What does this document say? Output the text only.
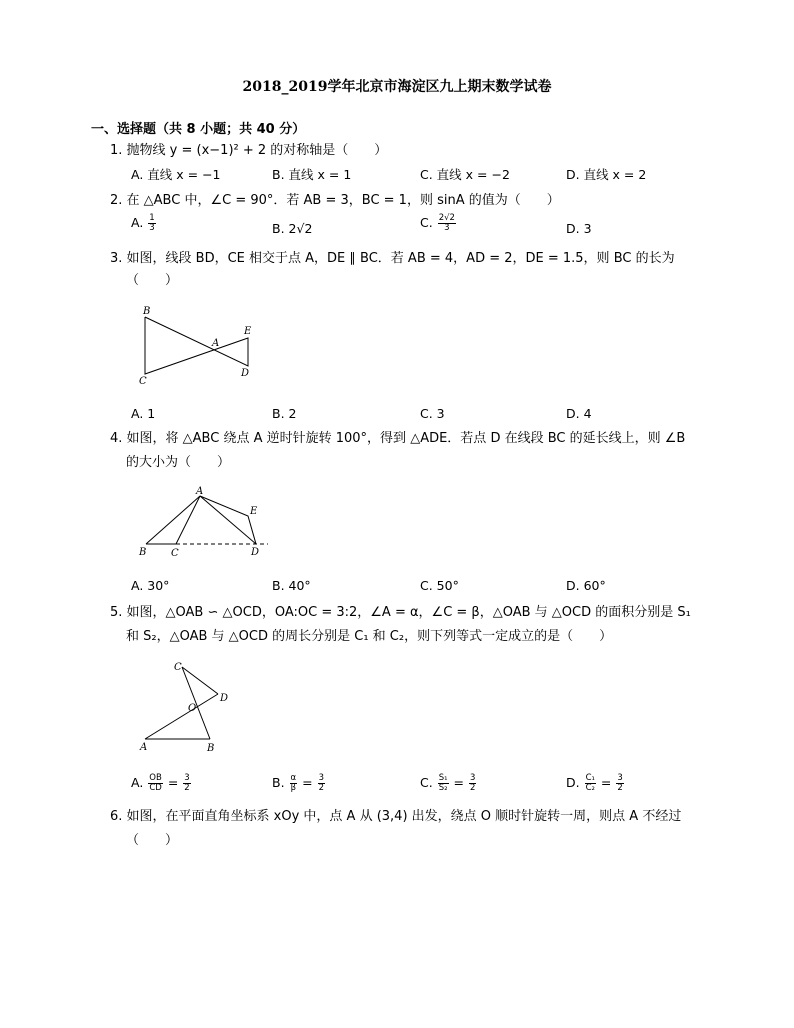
2018_2019学年北京市海淀区九上期末数学试卷
一、选择题（共 8 小题；共 40 分）
1. 抛物线 y = (x−1)² + 2 的对称轴是（　　）
A. 直线 x = −1	B. 直线 x = 1	C. 直线 x = −2	D. 直线 x = 2
2. 在 △ABC 中，∠C = 90°．若 AB = 3，BC = 1，则 sinA 的值为（　　）
A. $\frac{1}{3}$	B. 2√2	C. $\frac{2√2}{3}$	D. 3
3. 如图，线段 BD，CE 相交于点 A，DE ∥ BC．若 AB = 4，AD = 2，DE = 1.5，则 BC 的长为
（　　）
B
E
A
C
D
A. 1	B. 2	C. 3	D. 4
4. 如图，将 △ABC 绕点 A 逆时针旋转 100°，得到 △ADE．若点 D 在线段 BC 的延长线上，则 ∠B
的大小为（　　）
A
E
B C	D
A. 30°	B. 40°	C. 50°	D. 60°
5. 如图，△OAB ∽ △OCD，OA:OC = 3:2，∠A = α，∠C = β，△OAB 与 △OCD 的面积分别是 S₁
和 S₂，△OAB 与 △OCD 的周长分别是 C₁ 和 C₂，则下列等式一定成立的是（　　）
C
D
O
A	B
A. $\frac{OB}{CD} = \frac{3}{2}$	B. $\frac{\alpha}{\beta} = \frac{3}{2}$	C. $\frac{\text{S₁}}{\text{S₂}} = \frac{3}{2}$	D. $\frac{\text{C₁}}{\text{C₂}} = \frac{3}{2}$
6. 如图，在平面直角坐标系 xOy 中，点 A 从 (3,4) 出发，绕点 O 顺时针旋转一周，则点 A 不经过
（　　）
